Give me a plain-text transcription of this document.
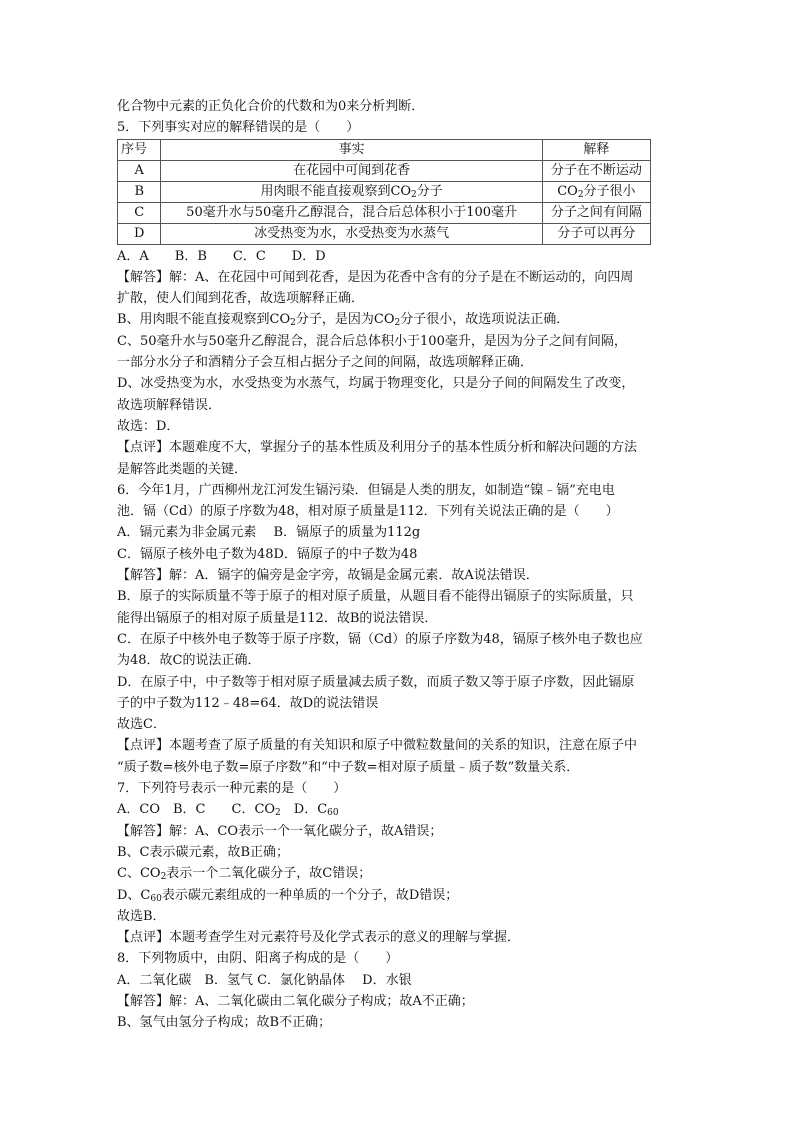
化合物中元素的正负化合价的代数和为0来分析判断．

5．下列事实对应的解释错误的是（　　）

序号	事实	解释
A	在花园中可闻到花香	分子在不断运动
B	用肉眼不能直接观察到$CO_2$分子	$CO_2$分子很小
C	50毫升水与50毫升乙醇混合，混合后总体积小于100毫升	分子之间有间隔
D	冰受热变为水，水受热变为水蒸气	分子可以再分

A．A　　B．B　　C．C　　D．D

【解答】解：A、在花园中可闻到花香，是因为花香中含有的分子是在不断运动的，向四周

扩散，使人们闻到花香，故选项解释正确．

B、用肉眼不能直接观察到$CO_2$分子，是因为$CO_2$分子很小，故选项说法正确．

C、50毫升水与50毫升乙醇混合，混合后总体积小于100毫升，是因为分子之间有间隔，

一部分水分子和酒精分子会互相占据分子之间的间隔，故选项解释正确．

D、冰受热变为水，水受热变为水蒸气，均属于物理变化，只是分子间的间隔发生了改变，

故选项解释错误．

故选：D．

【点评】本题难度不大，掌握分子的基本性质及利用分子的基本性质分析和解决问题的方法

是解答此类题的关键．

6．今年1月，广西柳州龙江河发生镉污染．但镉是人类的朋友，如制造“镍﹣镉”充电电

池．镉（Cd）的原子序数为48，相对原子质量是112．下列有关说法正确的是（　　）

A．镉元素为非金属元素　 B．镉原子的质量为112g

C．镉原子核外电子数为48D．镉原子的中子数为48

【解答】解：A．镉字的偏旁是金字旁，故镉是金属元素．故A说法错误．

B．原子的实际质量不等于原子的相对原子质量，从题目看不能得出镉原子的实际质量，只

能得出镉原子的相对原子质量是112．故B的说法错误．

C．在原子中核外电子数等于原子序数，镉（Cd）的原子序数为48，镉原子核外电子数也应

为48．故C的说法正确．

D．在原子中，中子数等于相对原子质量减去质子数，而质子数又等于原子序数，因此镉原

子的中子数为112﹣48=64．故D的说法错误

故选C．

【点评】本题考查了原子质量的有关知识和原子中微粒数量间的关系的知识，注意在原子中

“质子数=核外电子数=原子序数”和“中子数=相对原子质量﹣质子数”数量关系．

7．下列符号表示一种元素的是（　　）

A．CO　B．C　　C．$CO_2$　D．$C_{60}$

【解答】解：A、CO表示一个一氧化碳分子，故A错误；

B、C表示碳元素，故B正确；

C、$CO_2$表示一个二氧化碳分子，故C错误；

D、$C_{60}$表示碳元素组成的一种单质的一个分子，故D错误；

故选B．

【点评】本题考查学生对元素符号及化学式表示的意义的理解与掌握．

8．下列物质中，由阴、阳离子构成的是（　　）

A．二氧化碳　B．氢气 C．氯化钠晶体　 D．水银

【解答】解：A、二氧化碳由二氧化碳分子构成；故A不正确；

B、氢气由氢分子构成；故B不正确；
